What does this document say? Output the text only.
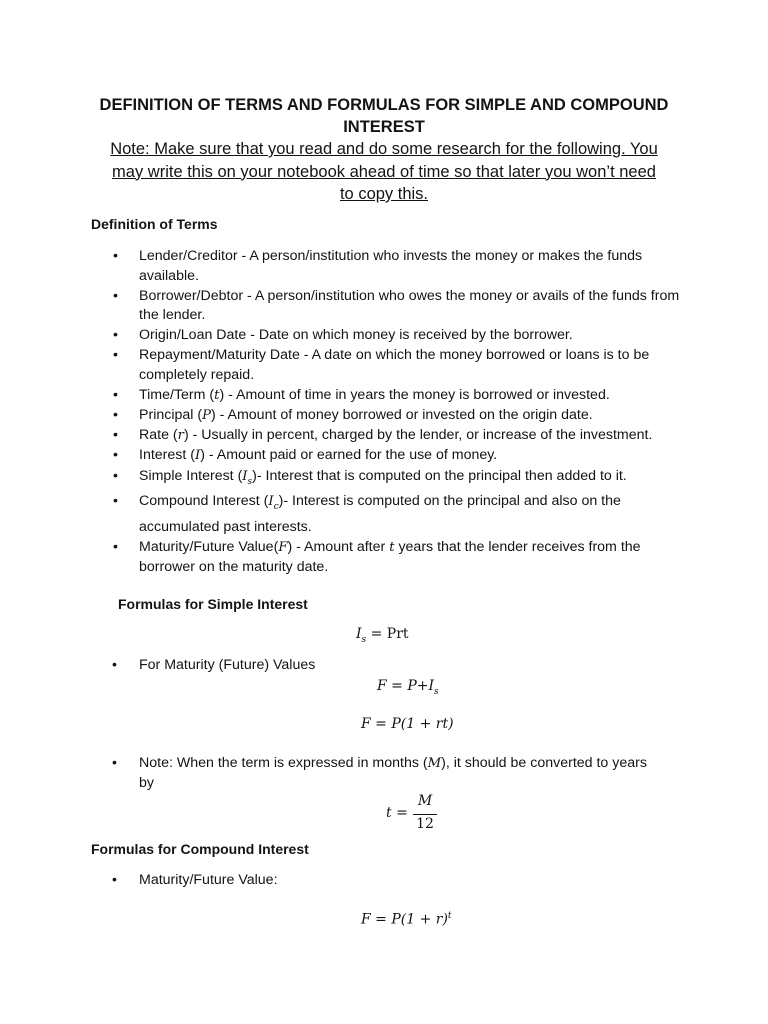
DEFINITION OF TERMS AND FORMULAS FOR SIMPLE AND COMPOUND INTEREST
Note: Make sure that you read and do some research for the following. You
may write this on your notebook ahead of time so that later you won’t need
to copy this.
Definition of Terms
• Lender/Creditor - A person/institution who invests the money or makes the funds available.
• Borrower/Debtor - A person/institution who owes the money or avails of the funds from the lender.
• Origin/Loan Date - Date on which money is received by the borrower.
• Repayment/Maturity Date - A date on which the money borrowed or loans is to be completely repaid.
• Time/Term (t) - Amount of time in years the money is borrowed or invested.
• Principal (P) - Amount of money borrowed or invested on the origin date.
• Rate (r) - Usually in percent, charged by the lender, or increase of the investment.
• Interest (I) - Amount paid or earned for the use of money.
• Simple Interest $(I_s)-$ Interest that is computed on the principal then added to it.
• Compound Interest $(I_c)-$ Interest is computed on the principal and also on the accumulated past interests.
• Maturity/Future Value(F) - Amount after t years that the lender receives from the borrower on the maturity date.
Formulas for Simple Interest
$I_s$ = Prt
• For Maturity (Future) Values
$F = P+I_s$
F = P(1 + rt)
• Note: When the term is expressed in months (M), it should be converted to years
by
t =
M
12
Formulas for Compound Interest
• Maturity/Future Value:
$F = P(1 + r)^t$
